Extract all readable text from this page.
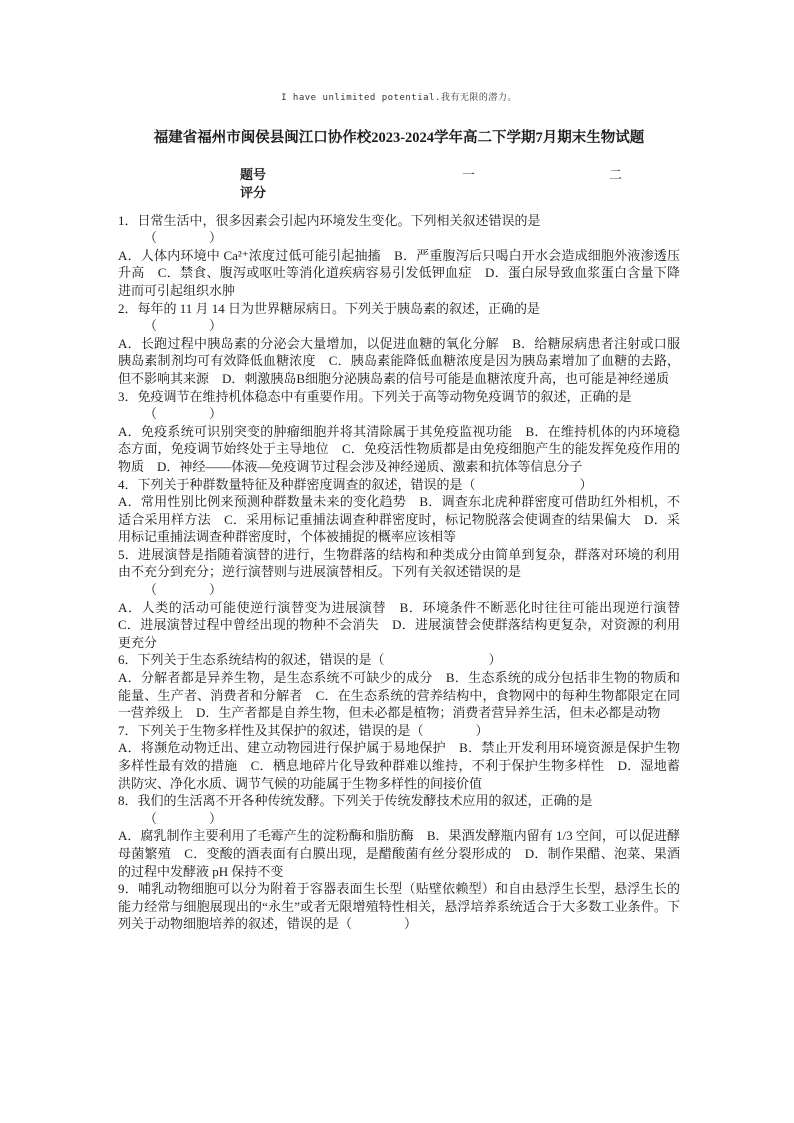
I have unlimited potential.我有无限的潜力。
福建省福州市闽侯县闽江口协作校2023-2024学年高二下学期7月期末生物试题
题号	一	二
评分

1．日常生活中，很多因素会引起内环境发生变化。下列相关叙述错误的是

（　　　　）

A．人体内环境中 Ca²⁺浓度过低可能引起抽搐　B．严重腹泻后只喝白开水会造成细胞外液渗透压升高　C．禁食、腹泻或呕吐等消化道疾病容易引发低钾血症　D．蛋白尿导致血浆蛋白含量下降进而可引起组织水肿

2．每年的 11 月 14 日为世界糖尿病日。下列关于胰岛素的叙述，正确的是

（　　　　）

A．长跑过程中胰岛素的分泌会大量增加，以促进血糖的氧化分解　B．给糖尿病患者注射或口服胰岛素制剂均可有效降低血糖浓度　C．胰岛素能降低血糖浓度是因为胰岛素增加了血糖的去路，但不影响其来源　D．刺激胰岛B细胞分泌胰岛素的信号可能是血糖浓度升高，也可能是神经递质

3．免疫调节在维持机体稳态中有重要作用。下列关于高等动物免疫调节的叙述，正确的是

（　　　　）

A．免疫系统可识别突变的肿瘤细胞并将其清除属于其免疫监视功能　B．在维持机体的内环境稳态方面，免疫调节始终处于主导地位　C．免疫活性物质都是由免疫细胞产生的能发挥免疫作用的物质　D．神经——体液—免疫调节过程会涉及神经递质、激素和抗体等信息分子

4．下列关于种群数量特征及种群密度调查的叙述，错误的是（　　　　　　　　）

A．常用性别比例来预测种群数量未来的变化趋势　B．调查东北虎种群密度可借助红外相机，不适合采用样方法　C．采用标记重捕法调查种群密度时，标记物脱落会使调查的结果偏大　D．采用标记重捕法调查种群密度时，个体被捕捉的概率应该相等

5．进展演替是指随着演替的进行，生物群落的结构和种类成分由简单到复杂，群落对环境的利用由不充分到充分；逆行演替则与进展演替相反。下列有关叙述错误的是

（　　　　）

A．人类的活动可能使逆行演替变为进展演替　B．环境条件不断恶化时往往可能出现逆行演替　C．进展演替过程中曾经出现的物种不会消失　D．进展演替会使群落结构更复杂，对资源的利用更充分

6．下列关于生态系统结构的叙述，错误的是（　　　　　　　　）

A．分解者都是异养生物，是生态系统不可缺少的成分　B．生态系统的成分包括非生物的物质和能量、生产者、消费者和分解者　C．在生态系统的营养结构中，食物网中的每种生物都限定在同一营养级上　D．生产者都是自养生物，但未必都是植物；消费者营异养生活，但未必都是动物

7．下列关于生物多样性及其保护的叙述，错误的是（　　　　）

A．将濒危动物迁出、建立动物园进行保护属于易地保护　B．禁止开发利用环境资源是保护生物多样性最有效的措施　C．栖息地碎片化导致种群难以维持，不利于保护生物多样性　D．湿地蓄洪防灾、净化水质、调节气候的功能属于生物多样性的间接价值

8．我们的生活离不开各种传统发酵。下列关于传统发酵技术应用的叙述，正确的是

（　　　　）

A．腐乳制作主要利用了毛霉产生的淀粉酶和脂肪酶　B．果酒发酵瓶内留有 1/3 空间，可以促进酵母菌繁殖　C．变酸的酒表面有白膜出现，是醋酸菌有丝分裂形成的　D．制作果醋、泡菜、果酒的过程中发酵液 pH 保持不变

9．哺乳动物细胞可以分为附着于容器表面生长型（贴壁依赖型）和自由悬浮生长型，悬浮生长的能力经常与细胞展现出的“永生”或者无限增殖特性相关，悬浮培养系统适合于大多数工业条件。下列关于动物细胞培养的叙述，错误的是（　　　　）
